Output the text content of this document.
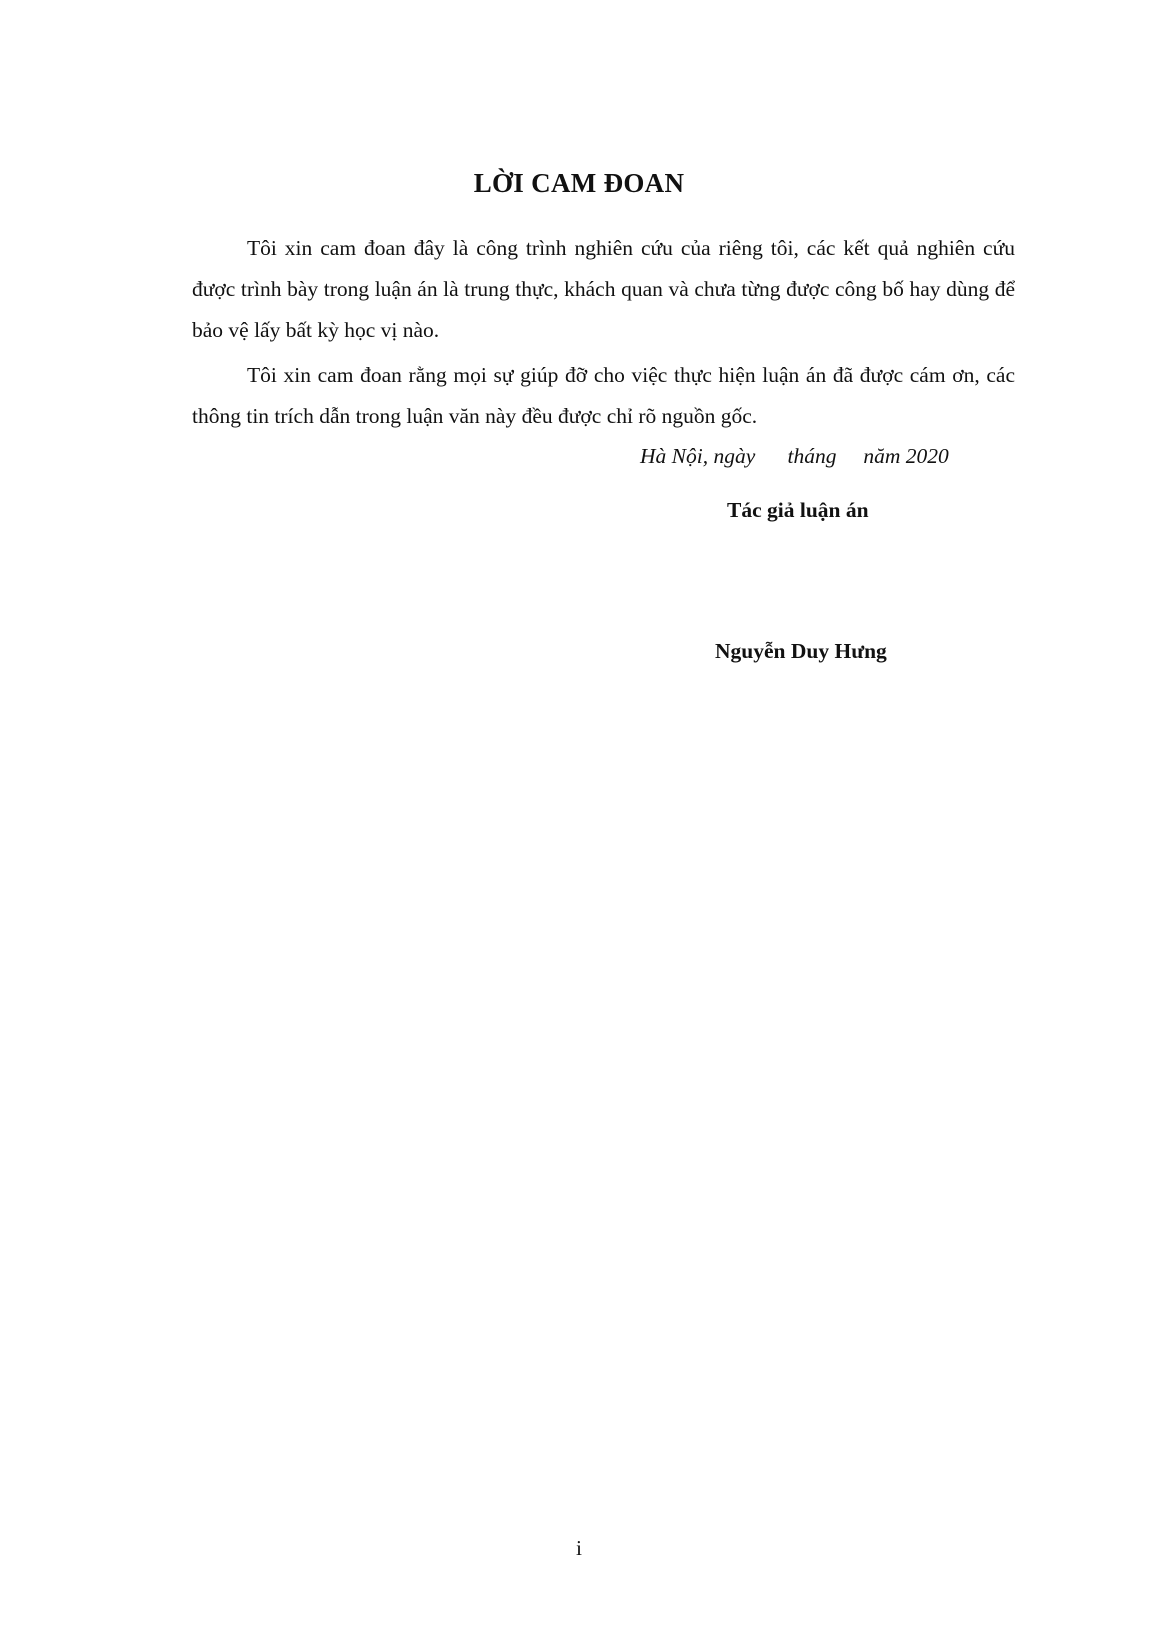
LỜI CAM ĐOAN

Tôi xin cam đoan đây là công trình nghiên cứu của riêng tôi, các kết quả nghiên cứu được trình bày trong luận án là trung thực, khách quan và chưa từng được công bố hay dùng để bảo vệ lấy bất kỳ học vị nào.

Tôi xin cam đoan rằng mọi sự giúp đỡ cho việc thực hiện luận án đã được cám ơn, các thông tin trích dẫn trong luận văn này đều được chỉ rõ nguồn gốc.

Hà Nội, ngày      tháng     năm 2020
Tác giả luận án
Nguyễn Duy Hưng
i
